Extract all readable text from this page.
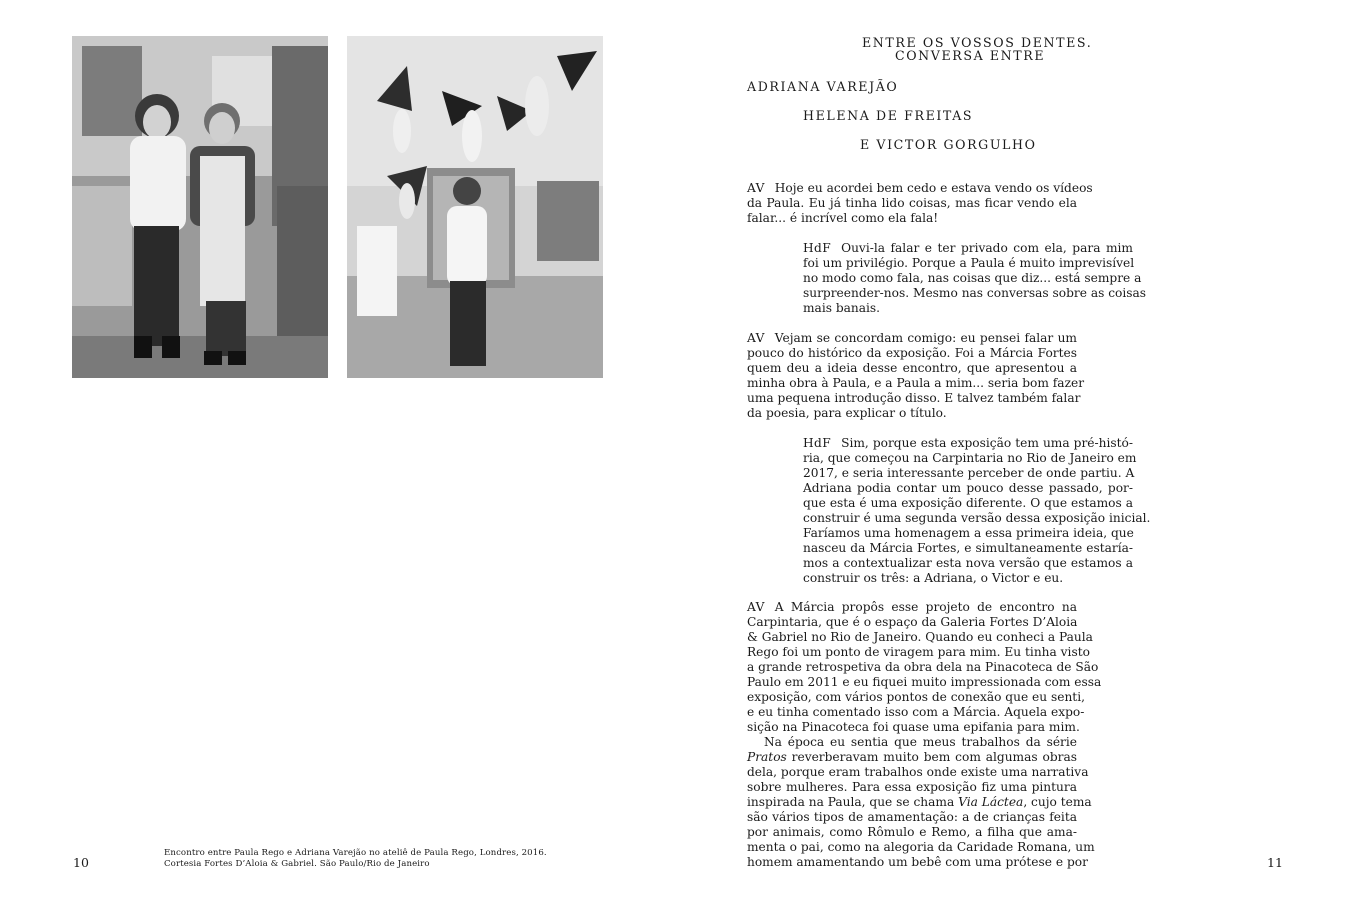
Encontro entre Paula Rego e Adriana Varejão no ateliê de Paula Rego, Londres, 2016.
Cortesia Fortes D’Aloia & Gabriel. São Paulo/Rio de Janeiro
10
ENTRE OS VOSSOS DENTES.
CONVERSA ENTRE
ADRIANA VAREJÃO
HELENA DE FREITAS
E VICTOR GORGULHO
AV Hoje eu acordei bem cedo e estava vendo os vídeos
da Paula. Eu já tinha lido coisas, mas ficar vendo ela
falar... é incrível como ela fala!
HdF Ouvi-la falar e ter privado com ela, para mim
foi um privilégio. Porque a Paula é muito imprevisível
no modo como fala, nas coisas que diz... está sempre a
surpreender-nos. Mesmo nas conversas sobre as coisas
mais banais.
AV Vejam se concordam comigo: eu pensei falar um
pouco do histórico da exposição. Foi a Márcia Fortes
quem deu a ideia desse encontro, que apresentou a
minha obra à Paula, e a Paula a mim... seria bom fazer
uma pequena introdução disso. E talvez também falar
da poesia, para explicar o título.
HdF Sim, porque esta exposição tem uma pré-histó-
ria, que começou na Carpintaria no Rio de Janeiro em
2017, e seria interessante perceber de onde partiu. A
Adriana podia contar um pouco desse passado, por-
que esta é uma exposição diferente. O que estamos a
construir é uma segunda versão dessa exposição inicial.
Faríamos uma homenagem a essa primeira ideia, que
nasceu da Márcia Fortes, e simultaneamente estaría-
mos a contextualizar esta nova versão que estamos a
construir os três: a Adriana, o Victor e eu.
AV A Márcia propôs esse projeto de encontro na
Carpintaria, que é o espaço da Galeria Fortes D’Aloia
& Gabriel no Rio de Janeiro. Quando eu conheci a Paula
Rego foi um ponto de viragem para mim. Eu tinha visto
a grande retrospetiva da obra dela na Pinacoteca de São
Paulo em 2011 e eu fiquei muito impressionada com essa
exposição, com vários pontos de conexão que eu senti,
e eu tinha comentado isso com a Márcia. Aquela expo-
sição na Pinacoteca foi quase uma epifania para mim.
Na época eu sentia que meus trabalhos da série
Pratos reverberavam muito bem com algumas obras
dela, porque eram trabalhos onde existe uma narrativa
sobre mulheres. Para essa exposição fiz uma pintura
inspirada na Paula, que se chama Via Láctea, cujo tema
são vários tipos de amamentação: a de crianças feita
por animais, como Rômulo e Remo, a filha que ama-
menta o pai, como na alegoria da Caridade Romana, um
homem amamentando um bebê com uma prótese e por	11
